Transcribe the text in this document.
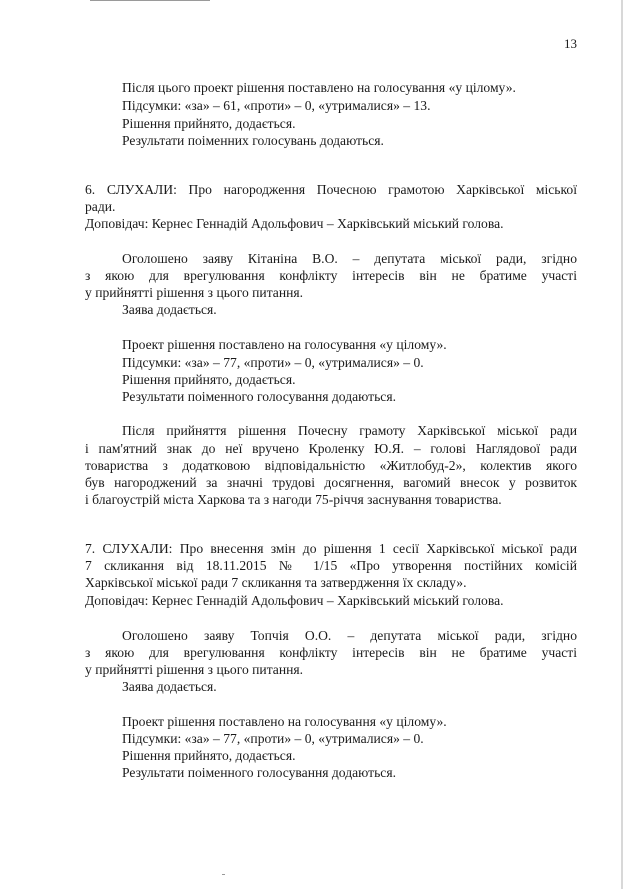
13
Після цього проект рішення поставлено на голосування «у цілому».
Підсумки: «за» – 61, «проти» – 0, «утрималися» – 13.
Рішення прийнято, додається.
Результати поіменних голосувань додаються.
6. СЛУХАЛИ: Про нагородження Почесною грамотою Харківської міської
ради.
Доповідач: Кернес Геннадій Адольфович – Харківський міський голова.
Оголошено заяву Кітаніна В.О. – депутата міської ради, згідно
з якою для врегулювання конфлікту інтересів він не братиме участі
у прийнятті рішення з цього питання.
Заява додається.
Проект рішення поставлено на голосування «у цілому».
Підсумки: «за» – 77, «проти» – 0, «утрималися» – 0.
Рішення прийнято, додається.
Результати поіменного голосування додаються.
Після прийняття рішення Почесну грамоту Харківської міської ради
і пам'ятний знак до неї вручено Кроленку Ю.Я. – голові Наглядової ради
товариства з додатковою відповідальністю «Житлобуд-2», колектив якого
був нагороджений за значні трудові досягнення, вагомий внесок у розвиток
і благоустрій міста Харкова та з нагоди 75-річчя заснування товариства.
7. СЛУХАЛИ: Про внесення змін до рішення 1 сесії Харківської міської ради
7 скликання від 18.11.2015 № 1/15 «Про утворення постійних комісій
Харківської міської ради 7 скликання та затвердження їх складу».
Доповідач: Кернес Геннадій Адольфович – Харківський міський голова.
Оголошено заяву Топчія О.О. – депутата міської ради, згідно
з якою для врегулювання конфлікту інтересів він не братиме участі
у прийнятті рішення з цього питання.
Заява додається.
Проект рішення поставлено на голосування «у цілому».
Підсумки: «за» – 77, «проти» – 0, «утрималися» – 0.
Рішення прийнято, додається.
Результати поіменного голосування додаються.
